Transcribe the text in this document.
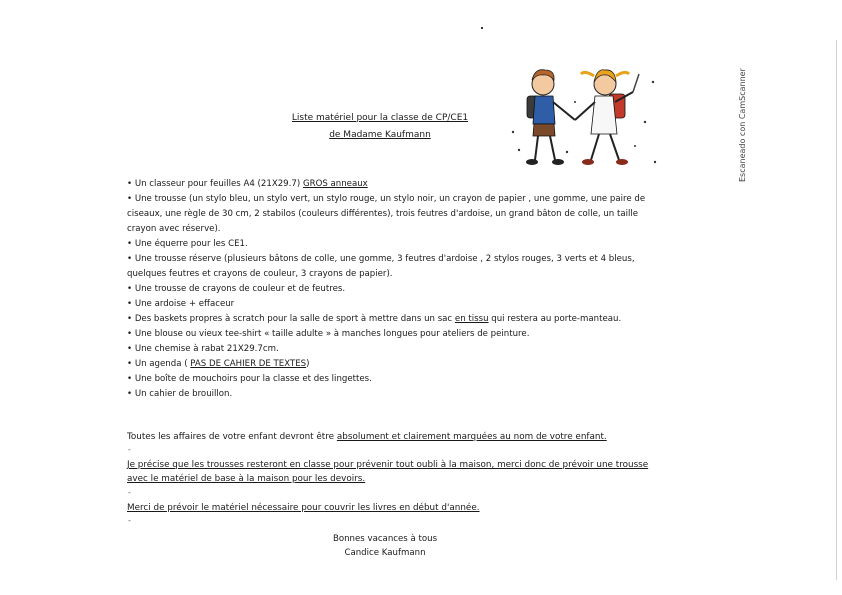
Escaneado con CamScanner
Liste matériel pour la classe de CP/CE1
de Madame Kaufmann
• Un classeur pour feuilles A4 (21X29.7) GROS anneaux
• Une trousse (un stylo bleu, un stylo vert, un stylo rouge, un stylo noir, un crayon de papier , une gomme, une paire de ciseaux, une règle de 30 cm, 2 stabilos (couleurs différentes), trois feutres d'ardoise, un grand bâton de colle, un taille crayon avec réserve).
• Une équerre pour les CE1.
• Une trousse réserve (plusieurs bâtons de colle, une gomme, 3 feutres d'ardoise , 2 stylos rouges, 3 verts et 4 bleus, quelques feutres et crayons de couleur, 3 crayons de papier).
• Une trousse de crayons de couleur et de feutres.
• Une ardoise + effaceur
• Des baskets propres à scratch pour la salle de sport à mettre dans un sac en tissu qui restera au porte-manteau.
• Une blouse ou vieux tee-shirt « taille adulte » à manches longues pour ateliers de peinture.
• Une chemise à rabat 21X29.7cm.
• Un agenda ( PAS DE CAHIER DE TEXTES)
• Une boîte de mouchoirs pour la classe et des lingettes.
• Un cahier de brouillon.
Toutes les affaires de votre enfant devront être absolument et clairement marquées au nom de votre enfant.
-
Je précise que les trousses resteront en classe pour prévenir tout oubli à la maison, merci donc de prévoir une trousse avec le matériel de base à la maison pour les devoirs.
-
Merci de prévoir le matériel nécessaire pour couvrir les livres en début d'année.
-
Bonnes vacances à tous
Candice Kaufmann
